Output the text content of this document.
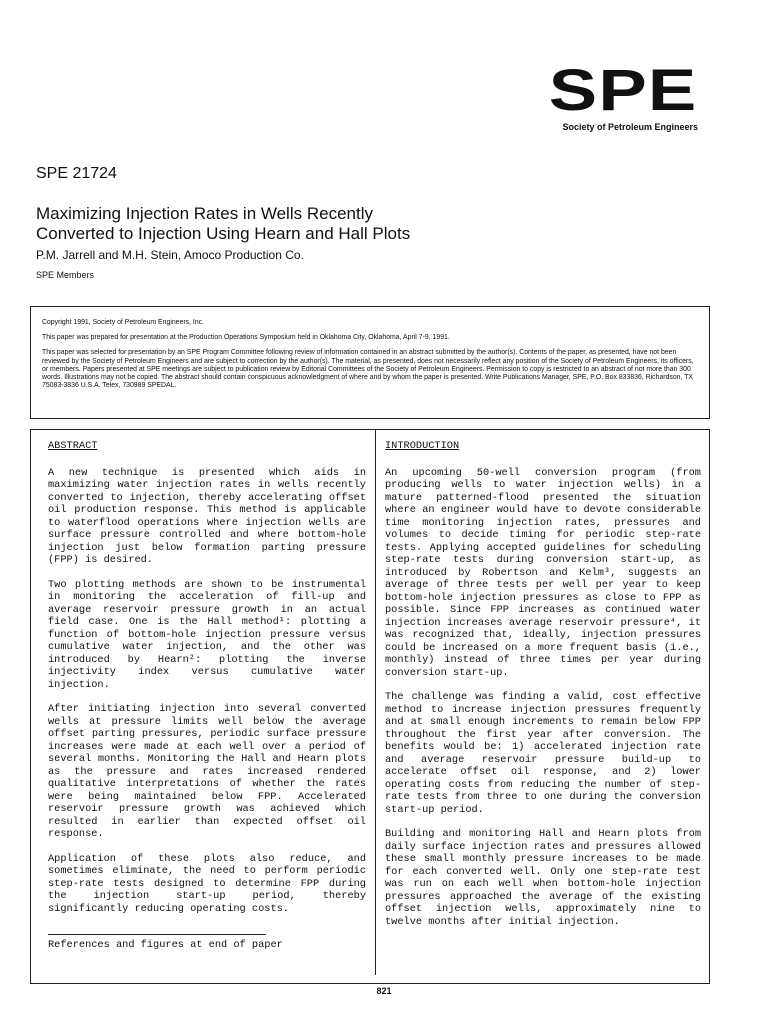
SPE
Society of Petroleum Engineers
SPE 21724
Maximizing Injection Rates in Wells Recently
Converted to Injection Using Hearn and Hall Plots
P.M. Jarrell and M.H. Stein, Amoco Production Co.
SPE Members

Copyright 1991, Society of Petroleum Engineers, Inc.

This paper was prepared for presentation at the Production Operations Symposium held in Oklahoma City, Oklahoma, April 7-9, 1991.

This paper was selected for presentation by an SPE Program Committee following review of information contained in an abstract submitted by the author(s). Contents of the paper, as presented, have not been reviewed by the Society of Petroleum Engineers and are subject to correction by the author(s). The material, as presented, does not necessarily reflect any position of the Society of Petroleum Engineers, its officers, or members. Papers presented at SPE meetings are subject to publication review by Editorial Committees of the Society of Petroleum Engineers. Permission to copy is restricted to an abstract of not more than 300 words. Illustrations may not be copied. The abstract should contain conspicuous acknowledgment of where and by whom the paper is presented. Write Publications Manager, SPE, P.O. Box 833836, Richardson, TX 75083-3836 U.S.A. Telex, 730989 SPEDAL.

ABSTRACT

A new technique is presented which aids in maximizing water injection rates in wells recently converted to injection, thereby accelerating offset oil production response. This method is applicable to waterflood operations where injection wells are surface pressure controlled and where bottom-hole injection just below formation parting pressure (FPP) is desired.

Two plotting methods are shown to be instrumental in monitoring the acceleration of fill-up and average reservoir pressure growth in an actual field case. One is the Hall method¹: plotting a function of bottom-hole injection pressure versus cumulative water injection, and the other was introduced by Hearn²: plotting the inverse injectivity index versus cumulative water injection.

After initiating injection into several converted wells at pressure limits well below the average offset parting pressures, periodic surface pressure increases were made at each well over a period of several months. Monitoring the Hall and Hearn plots as the pressure and rates increased rendered qualitative interpretations of whether the rates were being maintained below FPP. Accelerated reservoir pressure growth was achieved which resulted in earlier than expected offset oil response.

Application of these plots also reduce, and sometimes eliminate, the need to perform periodic step-rate tests designed to determine FPP during the injection start-up period, thereby significantly reducing operating costs.

References and figures at end of paper

INTRODUCTION

An upcoming 50-well conversion program (from producing wells to water injection wells) in a mature patterned-flood presented the situation where an engineer would have to devote considerable time monitoring injection rates, pressures and volumes to decide timing for periodic step-rate tests. Applying accepted guidelines for scheduling step-rate tests during conversion start-up, as introduced by Robertson and Kelm³, suggests an average of three tests per well per year to keep bottom-hole injection pressures as close to FPP as possible. Since FPP increases as continued water injection increases average reservoir pressure⁴, it was recognized that, ideally, injection pressures could be increased on a more frequent basis (i.e., monthly) instead of three times per year during conversion start-up.

The challenge was finding a valid, cost effective method to increase injection pressures frequently and at small enough increments to remain below FPP throughout the first year after conversion. The benefits would be: 1) accelerated injection rate and average reservoir pressure build-up to accelerate offset oil response, and 2) lower operating costs from reducing the number of step-rate tests from three to one during the conversion start-up period.

Building and monitoring Hall and Hearn plots from daily surface injection rates and pressures allowed these small monthly pressure increases to be made for each converted well. Only one step-rate test was run on each well when bottom-hole injection pressures approached the average of the existing offset injection wells, approximately nine to twelve months after initial injection.

821
